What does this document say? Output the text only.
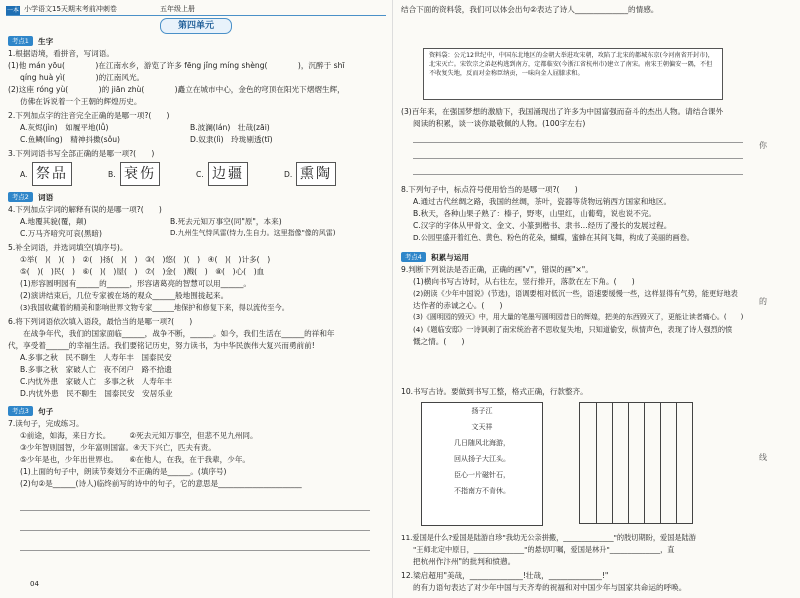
一本 小学语文15天期末考前冲刺卷	五年级上册
第四单元
考点1	生字
1.根据语境，看拼音，写词语。
(1)他 mán yōu(　　　　)在江南水乡，游览了许多 fēng jǐng míng shèng(　　　　)，沉醉于 shī
qíng huà yì(　　　　)的江南风光。
(2)这座 róng yù(　　　　)的 jiān zhù(　　　　)矗立在城市中心，金色的穹顶在阳光下熠熠生辉，
仿佛在诉说着一个王朝的辉煌历史。
2.下列加点字的注音完全正确的是哪一项?(　　)
A.灰烬(jìn)　如履平地(lǚ)	B.波澜(lán)　壮哉(zāi)
C.鱼鳞(líng)　精神抖擞(sǒu)	D.奴隶(lì)　玲珑剔透(tī)
3.下列词语书写全部正确的是哪一项?(　　)
A. 祭品	B. 衰伤	C. 边疆	D. 熏陶
考点2	词语
4.下列加点字词的解释有误的是哪一项?(　　)
A.地覆其貌(覆，颠)	B.死去元知万事空(同"原"，本来)
C.万马齐喑究可哀(黑暗)	D.九州生气恃风雷(恃力,生自力。这里指像"像的风雷)
5.补全词语，并选词填空(填序号)。
①举(　)(　)(　)　②(　)扬(　)(　)　③(　)悠(　)(　)　④(　)(　)计多(　)
⑤(　)(　)民(　)　⑥(　)(　)屋(　)　⑦(　)金(　)溅(　)　⑧(　)心(　)血
(1)形容圆明园有______的______，形容诸葛亮的智慧可以用______。
(2)演讲结束后，几位专家被在场的观众______般地围拢起来。
(3)我国收藏着的精美和影响世界文物专家______地保护和修复下来，得以流传至今。
6.将下列词语依次填入语段，最恰当的是哪一项?(　　)
　　在战争年代，我们的国家面临______，战争不断，______。如今，我们生活在______的祥和年
代，享受着______的幸福生活。我们要铭记历史，努力读书，为中华民族伟大复兴而勇前前!
A.多事之秋　民不聊生　人寿年丰　国泰民安
B.多事之秋　家破人亡　夜不闭户　路不拾遗
C.内忧外患　家破人亡　多事之秋　人寿年丰
D.内忧外患　民不聊生　国泰民安　安居乐业
考点3	句子
7.读句子，完成练习。
①前途，如海，来日方长。　　　②死去元知万事空，但悲不见九州同。
③少年智则国智，少年富则国富。④天下兴亡，匹夫有责。
⑤少年是也，少年出世界也。　　⑥在他人，在我，在于我辈，少年。
(1)上面的句子中，朗读节奏划分不正确的是______。(填序号)
(2)句②是______(诗人)临终前写的诗中的句子，它的意思是______________________
04
结合下面的资料袋，我们可以体会出句②表达了诗人______________的情感。
资料袋：公元12世纪中，中国东北地区的金朝大举进攻宋朝，攻陷了北宋的都城东京(今河南省开封市)，北宋灭亡。宋钦宗之弟赵构逃到南方，定都临安(今浙江省杭州市)建立了南宋。南宋王朝偏安一隅，不但不收复失地，反而对金称臣纳贡，一味向金人屈膝求和。
(3)百年来，在强国梦想的激励下，我国涌现出了许多为中国富强而奋斗的杰出人物。请结合课外
阅读的积累，谈一谈你最敬佩的人物。(100字左右)
8.下列句子中，标点符号使用恰当的是哪一项?(　　)
A.通过古代丝绸之路，我国的丝绸，茶叶，瓷器等货物远销西方国家和地区。
B.秋天，各种山果子熟了：榛子，野枣，山里红，山葡萄，说也说不完。
C.汉字的字体从甲骨文、金文、小篆到楷书、隶书…经历了漫长的发展过程。
D.公园里盛开着红色、黄色、粉色的花朵，蝴蝶，蜜蜂在其间飞舞，构成了美丽的画卷。
考点4	积累与运用
9.判断下列说法是否正确，正确的画"√"，错误的画"×"。
(1)横向书写古诗时，从右往左，竖行排开，落款在左下角。(　　)
(2)朗读《少年中国说》(节选)，语调要相对低沉一些，语速要缓慢一些，这样显得有气势，能更好地表
达作者的赤诚之心。(　　)
(3)《圆明园的毁灭》中，用大量的笔墨写圆明园昔日的辉煌，把美的东西毁灭了，更能让读者痛心。(　　)
(4)《题临安邸》一诗讽刺了南宋统治者不思收复失地，只知道偷安，纵情声色，表现了诗人强烈的愤
慨之情。(　　)
10.书写古诗。要做到书写工整，格式正确，行款整齐。
扬子江
文天祥
几日随风北海游，
回从扬子大江头。
臣心一片磁针石，
不指南方不肯休。
11.爱国是什么?爱国是陆游自珍"我幼无公亲拼搬，______________"的肢切期盼，爱国是陆游
"王师北定中原日，______________"的悬切叮嘱，爱国是林升"______________，直
把杭州作汴州"的批判和愤懑。
12.梁启超用"美哉，______________!壮哉，______________!"
的有力语句表达了对少年中国与天齐寿的祝福和对中国少年与国家共命运的呼唤。
你
的
线
